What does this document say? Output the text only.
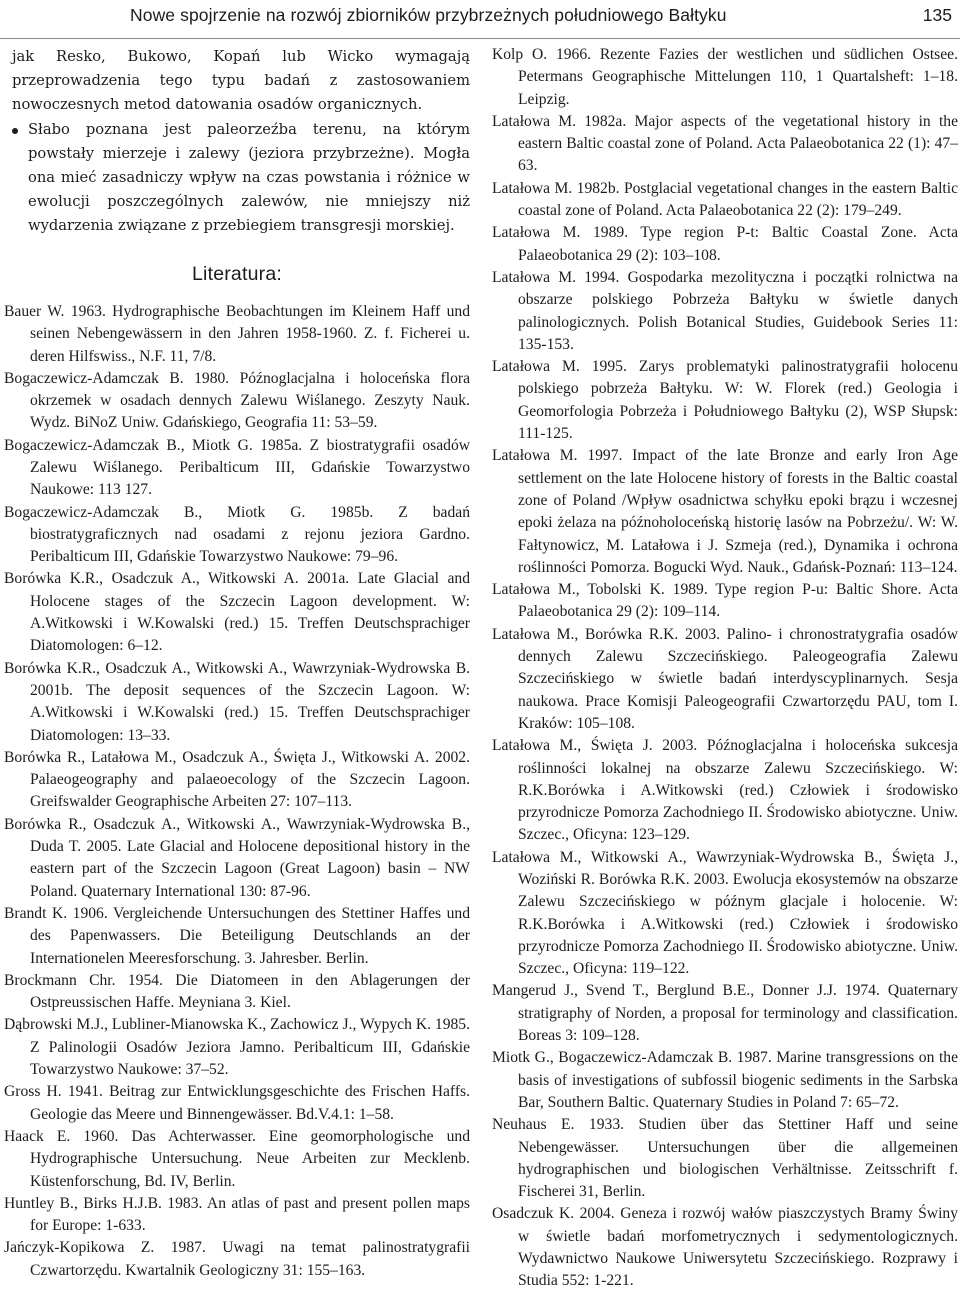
Nowe spojrzenie na rozwój zbiorników przybrzeżnych południowego Bałtyku	135

jak Resko, Bukowo, Kopań lub Wicko wymagają przeprowadzenia tego typu badań z zastosowaniem nowoczesnych metod datowania osadów organicznych.

Słabo poznana jest paleorzeźba terenu, na którym powstały mierzeje i zalewy (jeziora przybrzeżne). Mogła ona mieć zasadniczy wpływ na czas powstania i różnice w ewolucji poszczególnych zalewów, nie mniejszy niż wydarzenia związane z przebiegiem transgresji morskiej.
Literatura:

Bauer W. 1963. Hydrographische Beobachtungen im Kleinem Haff und seinen Nebengewässern in den Jahren 1958-1960. Z. f. Ficherei u. deren Hilfswiss., N.F. 11, 7/8.

Bogaczewicz-Adamczak B. 1980. Późnoglacjalna i holoceńska flora okrzemek w osadach dennych Zalewu Wiślanego. Zeszyty Nauk. Wydz. BiNoZ Uniw. Gdańskiego, Geografia 11: 53–59.

Bogaczewicz-Adamczak B., Miotk G. 1985a. Z biostratygrafii osadów Zalewu Wiślanego. Peribalticum III, Gdańskie Towarzystwo Naukowe: 113 127.

Bogaczewicz-Adamczak B., Miotk G. 1985b. Z badań biostratygraficznych nad osadami z rejonu jeziora Gardno. Peribalticum III, Gdańskie Towarzystwo Naukowe: 79–96.

Borówka K.R., Osadczuk A., Witkowski A. 2001a. Late Glacial and Holocene stages of the Szczecin Lagoon development. W: A.Witkowski i W.Kowalski (red.) 15. Treffen Deutschsprachiger Diatomologen: 6–12.

Borówka K.R., Osadczuk A., Witkowski A., Wawrzyniak-Wydrowska B. 2001b. The deposit sequences of the Szczecin Lagoon. W: A.Witkowski i W.Kowalski (red.) 15. Treffen Deutschsprachiger Diatomologen: 13–33.

Borówka R., Latałowa M., Osadczuk A., Święta J., Witkowski A. 2002. Palaeogeography and palaeoecology of the Szczecin Lagoon. Greifswalder Geographische Arbeiten 27: 107–113.

Borówka R., Osadczuk A., Witkowski A., Wawrzyniak-Wydrowska B., Duda T. 2005. Late Glacial and Holocene depositional history in the eastern part of the Szczecin Lagoon (Great Lagoon) basin – NW Poland. Quaternary International 130: 87-96.

Brandt K. 1906. Vergleichende Untersuchungen des Stettiner Haffes und des Papenwassers. Die Beteiligung Deutschlands an der Internationelen Meeresforschung. 3. Jahresber. Berlin.

Brockmann Chr. 1954. Die Diatomeen in den Ablagerungen der Ostpreussischen Haffe. Meyniana 3. Kiel.

Dąbrowski M.J., Lubliner-Mianowska K., Zachowicz J., Wypych K. 1985. Z Palinologii Osadów Jeziora Jamno. Peribalticum III, Gdańskie Towarzystwo Naukowe: 37–52.

Gross H. 1941. Beitrag zur Entwicklungsgeschichte des Frischen Haffs. Geologie das Meere und Binnengewässer. Bd.V.4.1: 1–58.

Haack E. 1960. Das Achterwasser. Eine geomorphologische und Hydrographische Untersuchung. Neue Arbeiten zur Mecklenb. Küstenforschung, Bd. IV, Berlin.

Huntley B., Birks H.J.B. 1983. An atlas of past and present pollen maps for Europe: 1-633.

Jańczyk-Kopikowa Z. 1987. Uwagi na temat palinostratygrafii Czwartorzędu. Kwartalnik Geologiczny 31: 155–163.

Kolp O. 1966. Rezente Fazies der westlichen und südlichen Ostsee. Petermans Geographische Mittelungen 110, 1 Quartalsheft: 1–18. Leipzig.

Latałowa M. 1982a. Major aspects of the vegetational history in the eastern Baltic coastal zone of Poland. Acta Palaeobotanica 22 (1): 47–63.

Latałowa M. 1982b. Postglacial vegetational changes in the eastern Baltic coastal zone of Poland. Acta Palaeobotanica 22 (2): 179–249.

Latałowa M. 1989. Type region P-t: Baltic Coastal Zone. Acta Palaeobotanica 29 (2): 103–108.

Latałowa M. 1994. Gospodarka mezolityczna i początki rolnictwa na obszarze polskiego Pobrzeża Bałtyku w świetle danych palinologicznych. Polish Botanical Studies, Guidebook Series 11: 135-153.

Latałowa M. 1995. Zarys problematyki palinostratygrafii holocenu polskiego pobrzeża Bałtyku. W: W. Florek (red.) Geologia i Geomorfologia Pobrzeża i Południowego Bałtyku (2), WSP Słupsk: 111-125.

Latałowa M. 1997. Impact of the late Bronze and early Iron Age settlement on the late Holocene history of forests in the Baltic coastal zone of Poland /Wpływ osadnictwa schyłku epoki brązu i wczesnej epoki żelaza na późnoholoceńską historię lasów na Pobrzeżu/. W: W. Fałtynowicz, M. Latałowa i J. Szmeja (red.), Dynamika i ochrona roślinności Pomorza. Bogucki Wyd. Nauk., Gdańsk-Poznań: 113–124.

Latałowa M., Tobolski K. 1989. Type region P-u: Baltic Shore. Acta Palaeobotanica 29 (2): 109–114.

Latałowa M., Borówka R.K. 2003. Palino- i chronostratygrafia osadów dennych Zalewu Szczecińskiego. Paleogeografia Zalewu Szczecińskiego w świetle badań interdyscyplinarnych. Sesja naukowa. Prace Komisji Paleogeografii Czwartorzędu PAU, tom I. Kraków: 105–108.

Latałowa M., Święta J. 2003. Późnoglacjalna i holoceńska sukcesja roślinności lokalnej na obszarze Zalewu Szczecińskiego. W: R.K.Borówka i A.Witkowski (red.) Człowiek i środowisko przyrodnicze Pomorza Zachodniego II. Środowisko abiotyczne. Uniw. Szczec., Oficyna: 123–129.

Latałowa M., Witkowski A., Wawrzyniak-Wydrowska B., Święta J., Woziński R. Borówka R.K. 2003. Ewolucja ekosystemów na obszarze Zalewu Szczecińskiego w późnym glacjale i holocenie. W: R.K.Borówka i A.Witkowski (red.) Człowiek i środowisko przyrodnicze Pomorza Zachodniego II. Środowisko abiotyczne. Uniw. Szczec., Oficyna: 119–122.

Mangerud J., Svend T., Berglund B.E., Donner J.J. 1974. Quaternary stratigraphy of Norden, a proposal for terminology and classification. Boreas 3: 109–128.

Miotk G., Bogaczewicz-Adamczak B. 1987. Marine transgressions on the basis of investigations of subfossil biogenic sediments in the Sarbska Bar, Southern Baltic. Quaternary Studies in Poland 7: 65–72.

Neuhaus E. 1933. Studien über das Stettiner Haff und seine Nebengewässer. Untersuchungen über die allgemeinen hydrographischen und biologischen Verhältnisse. Zeitsschrift f. Fischerei 31, Berlin.

Osadczuk K. 2004. Geneza i rozwój wałów piaszczystych Bramy Świny w świetle badań morfometrycznych i sedymentologicznych. Wydawnictwo Naukowe Uniwersytetu Szczecińskiego. Rozprawy i Studia 552: 1-221.
